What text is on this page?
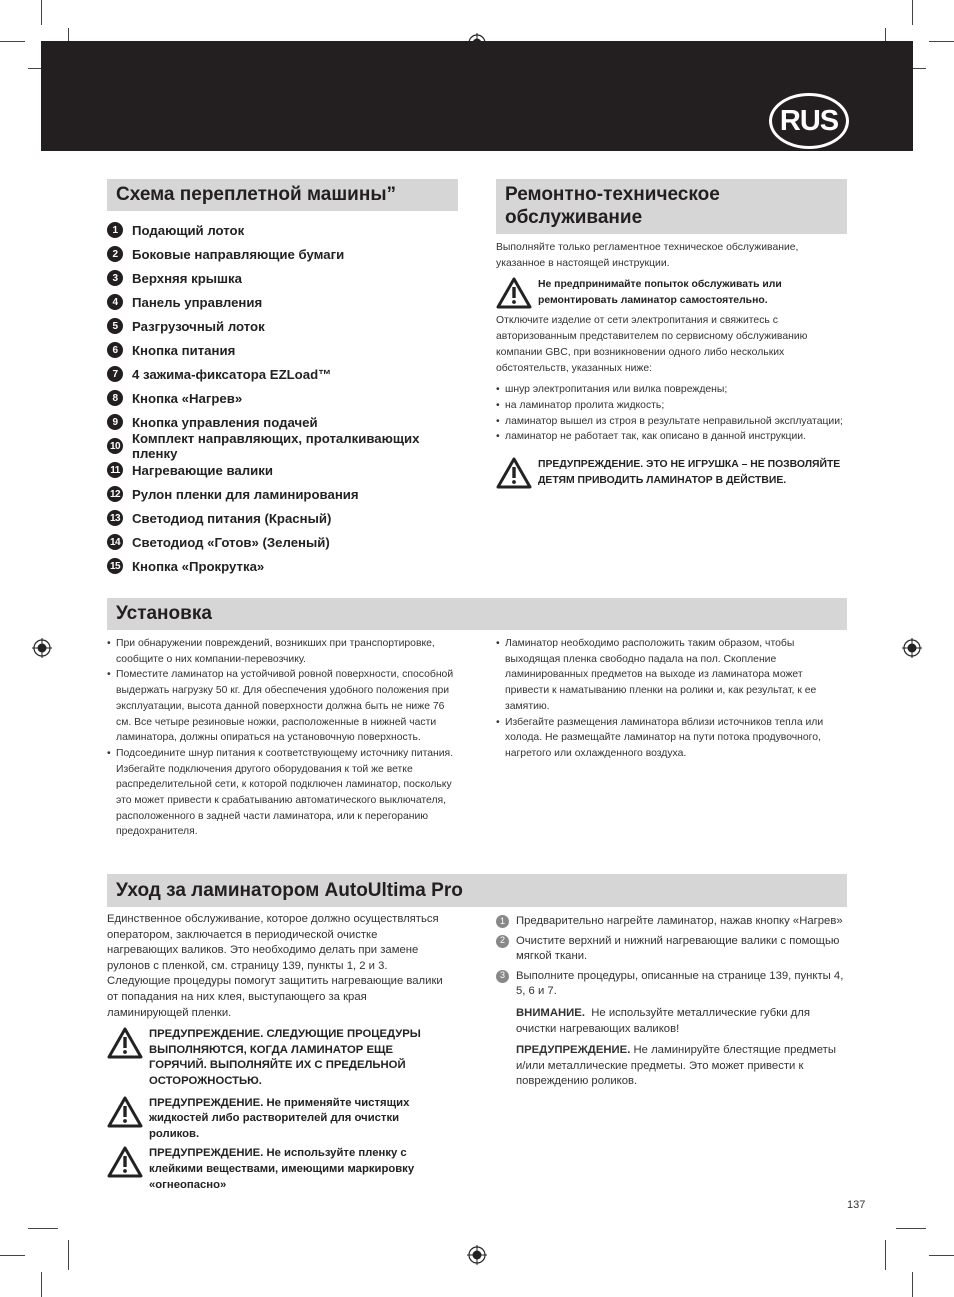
RUS
Схема переплетной машины”
1	Подающий лоток
2	Боковые направляющие бумаги
3	Верхняя крышка
4	Панель управления
5	Разгрузочный лоток
6	Кнопка питания
7	4 зажима-фиксатора EZLoad™
8	Кнопка «Нагрев»
9	Кнопка управления подачей
10 Комплект направляющих, проталкивающих пленку
11 Нагревающие валики
12 Рулон пленки для ламинирования
13 Светодиод питания (Красный)
14 Светодиод «Готов» (Зеленый)
15 Кнопка «Прокрутка»
Ремонтно-техническое
обслуживание

Выполняйте только регламентное техническое обслуживание, указанное в настоящей инструкции.

Не предпринимайте попыток обслуживать или ремонтировать ламинатор самостоятельно.

Отключите изделие от сети электропитания и свяжитесь с авторизованным представителем по сервисному обслуживанию компании GBC, при возникновении одного либо нескольких обстоятельств, указанных ниже:

• шнур электропитания или вилка повреждены;

• на ламинатор пролита жидкость;

• ламинатор вышел из строя в результате неправильной эксплуатации;

• ламинатор не работает так, как описано в данной инструкции.

ПРЕДУПРЕЖДЕНИЕ. ЭТО НЕ ИГРУШКА – НЕ ПОЗВОЛЯЙТЕ ДЕТЯМ ПРИВОДИТЬ ЛАМИНАТОР В ДЕЙСТВИЕ.
Установка

• При обнаружении повреждений, возникших при транспортировке, сообщите о них компании-перевозчику.

• Поместите ламинатор на устойчивой ровной поверхности, способной выдержать нагрузку 50 кг. Для обеспечения удобного положения при эксплуатации, высота данной поверхности должна быть не ниже 76 см. Все четыре резиновые ножки, расположенные в нижней части ламинатора, должны опираться на установочную поверхность.

• Подсоедините шнур питания к соответствующему источнику питания. Избегайте подключения другого оборудования к той же ветке распределительной сети, к которой подключен ламинатор, поскольку это может привести к срабатыванию автоматического выключателя, расположенного в задней части ламинатора, или к перегоранию предохранителя.

• Ламинатор необходимо расположить таким образом, чтобы выходящая пленка свободно падала на пол. Скопление ламинированных предметов на выходе из ламинатора может привести к наматыванию пленки на ролики и, как результат, к ее замятию.

• Избегайте размещения ламинатора вблизи источников тепла или холода. Не размещайте ламинатор на пути потока продувочного, нагретого или охлажденного воздуха.

Уход за ламинатором AutoUltima Pro

Единственное обслуживание, которое должно осуществляться оператором, заключается в периодической очистке нагревающих валиков. Это необходимо делать при замене рулонов с пленкой, см. страницу 139, пункты 1, 2 и 3. Следующие процедуры помогут защитить нагревающие валики от попадания на них клея, выступающего за края ламинирующей пленки.

ПРЕДУПРЕЖДЕНИЕ. СЛЕДУЮЩИЕ ПРОЦЕДУРЫ ВЫПОЛНЯЮТСЯ, КОГДА ЛАМИНАТОР ЕЩЕ ГОРЯЧИЙ. ВЫПОЛНЯЙТЕ ИХ С ПРЕДЕЛЬНОЙ ОСТОРОЖНОСТЬЮ.
ПРЕДУПРЕЖДЕНИЕ. Не применяйте чистящих жидкостей либо растворителей для очистки роликов.
ПРЕДУПРЕЖДЕНИЕ. Не используйте пленку с клейкими веществами, имеющими маркировку «огнеопасно»
1 Предварительно нагрейте ламинатор, нажав кнопку «Нагрев»
2 Очистите верхний и нижний нагревающие валики с помощью мягкой ткани.
3 Выполните процедуры, описанные на странице 139, пункты 4, 5, 6 и 7.

ВНИМАНИЕ. Не используйте металлические губки для очистки нагревающих валиков!

ПРЕДУПРЕЖДЕНИЕ. Не ламинируйте блестящие предметы и/или металлические предметы. Это может привести к повреждению роликов.

137
